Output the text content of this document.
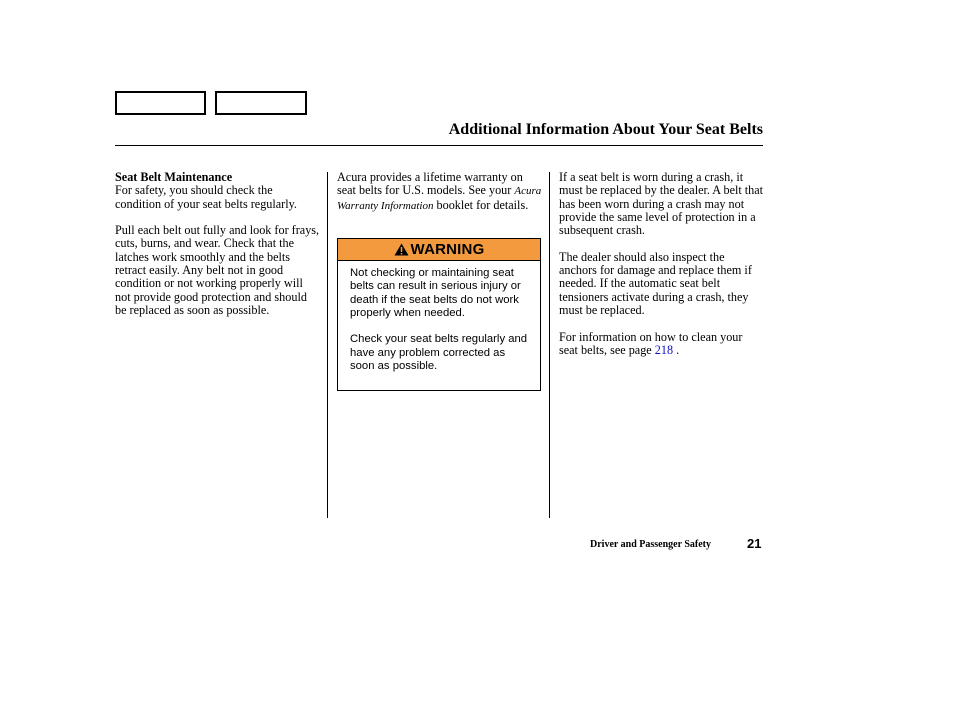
Additional Information About Your Seat Belts
Seat Belt Maintenance

For safety, you should check the condition of your seat belts regularly.

Pull each belt out fully and look for frays, cuts, burns, and wear. Check that the latches work smoothly and the belts retract easily. Any belt not in good condition or not working properly will not provide good protection and should be replaced as soon as possible.

Acura provides a lifetime warranty on seat belts for U.S. models. See your Acura Warranty Information booklet for details.

WARNING

Not checking or maintaining seat belts can result in serious injury or death if the seat belts do not work properly when needed.

Check your seat belts regularly and have any problem corrected as soon as possible.

If a seat belt is worn during a crash, it must be replaced by the dealer. A belt that has been worn during a crash may not provide the same level of protection in a subsequent crash.

The dealer should also inspect the anchors for damage and replace them if needed. If the automatic seat belt tensioners activate during a crash, they must be replaced.

For information on how to clean your seat belts, see page 218 .

Driver and Passenger Safety	21
